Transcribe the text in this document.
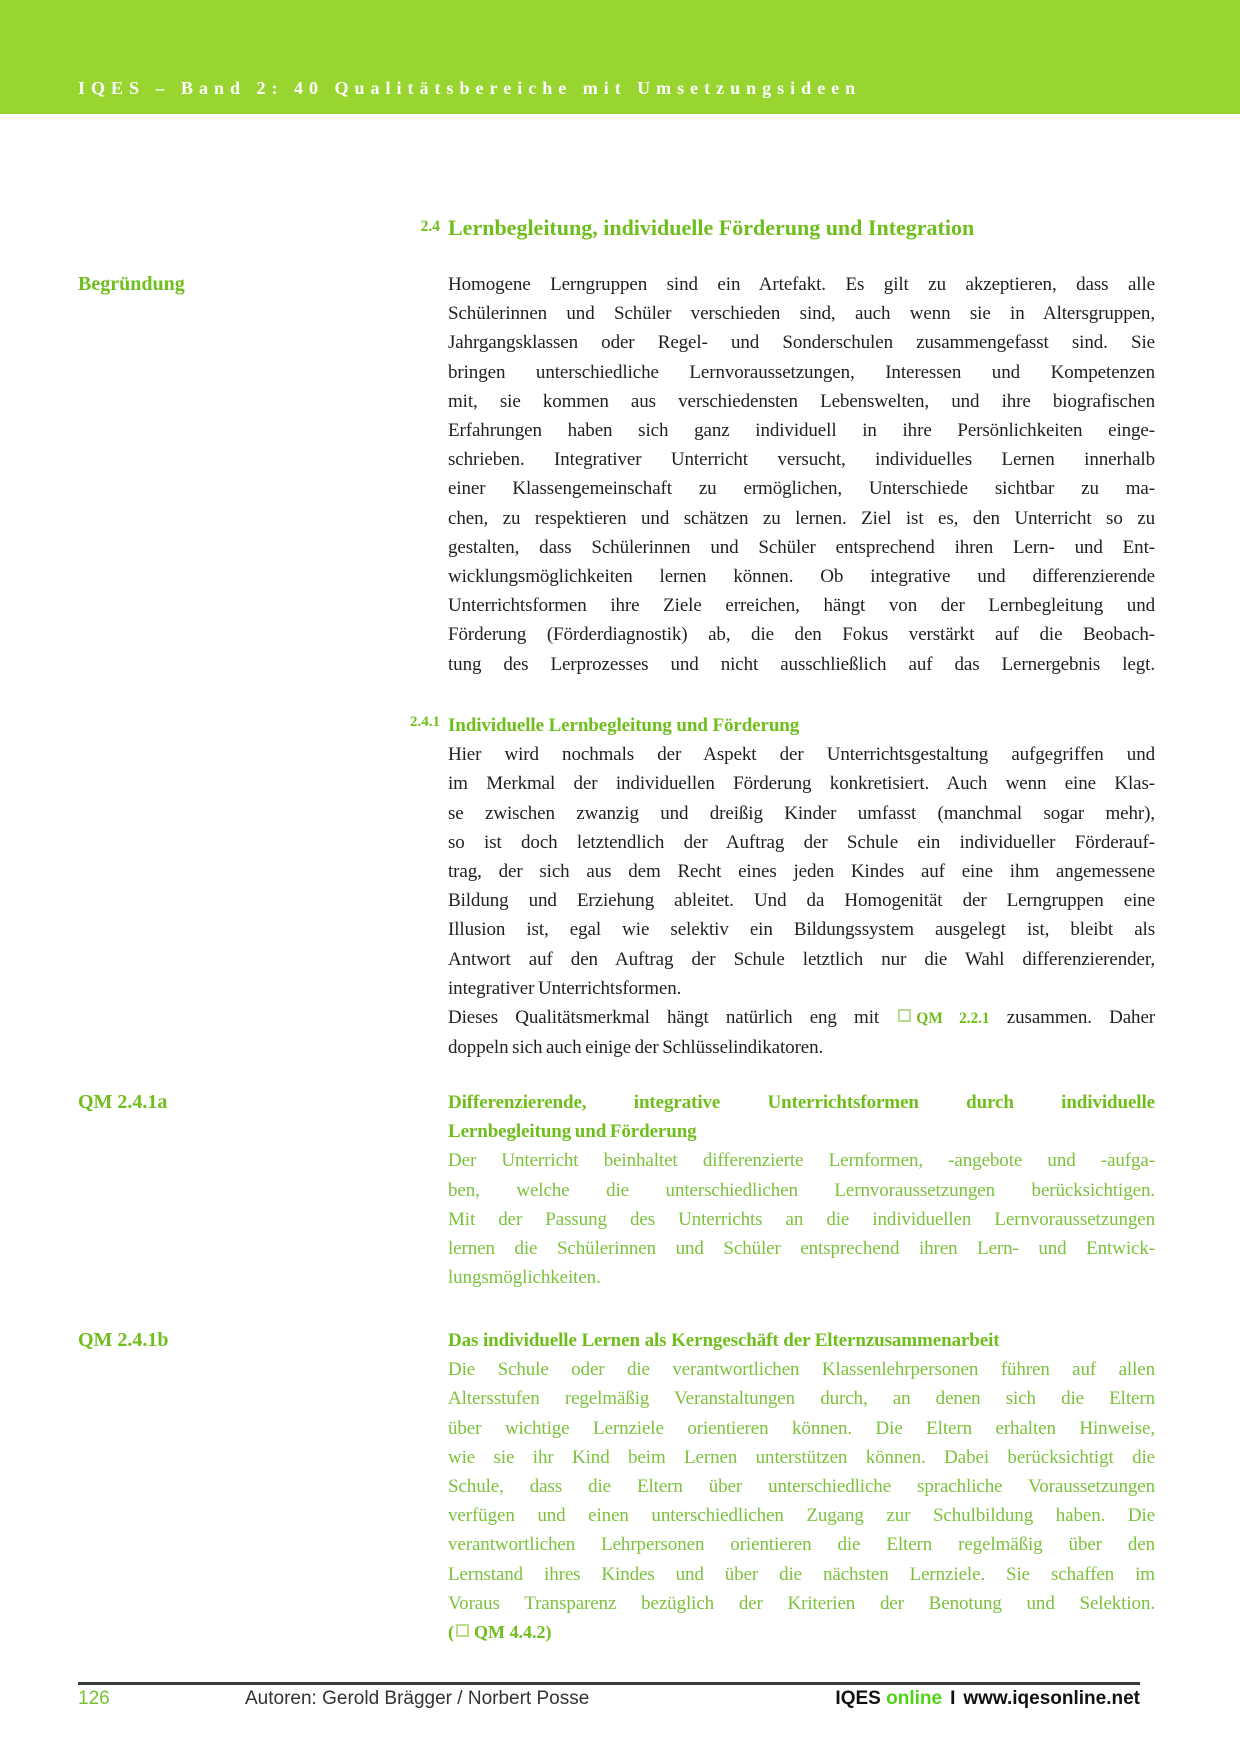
IQES – Band 2: 40 Qualitätsbereiche mit Umsetzungsideen
2.4 Lernbegleitung, individuelle Förderung und Integration
Begründung	Homogene Lerngruppen sind ein Artefakt. Es gilt zu akzeptieren, dass alle
Schülerinnen und Schüler verschieden sind, auch wenn sie in Altersgruppen,
Jahrgangsklassen oder Regel- und Sonderschulen zusammengefasst sind. Sie
bringen unterschiedliche Lernvoraussetzungen, Interessen und Kompetenzen
mit, sie kommen aus verschiedensten Lebenswelten, und ihre biografischen
Erfahrungen haben sich ganz individuell in ihre Persönlichkeiten einge-
schrieben. Integrativer Unterricht versucht, individuelles Lernen innerhalb
einer Klassengemeinschaft zu ermöglichen, Unterschiede sichtbar zu ma-
chen, zu respektieren und schätzen zu lernen. Ziel ist es, den Unterricht so zu
gestalten, dass Schülerinnen und Schüler entsprechend ihren Lern- und Ent-
wicklungsmöglichkeiten lernen können. Ob integrative und differenzierende
Unterrichtsformen ihre Ziele erreichen, hängt von der Lernbegleitung und
Förderung (Förderdiagnostik) ab, die den Fokus verstärkt auf die Beobach-
tung des Lerprozesses und nicht ausschließlich auf das Lernergebnis legt.
2.4.1 Individuelle Lernbegleitung und Förderung
Hier wird nochmals der Aspekt der Unterrichtsgestaltung aufgegriffen und
im Merkmal der individuellen Förderung konkretisiert. Auch wenn eine Klas-
se zwischen zwanzig und dreißig Kinder umfasst (manchmal sogar mehr),
so ist doch letztendlich der Auftrag der Schule ein individueller Förderauf-
trag, der sich aus dem Recht eines jeden Kindes auf eine ihm angemessene
Bildung und Erziehung ableitet. Und da Homogenität der Lerngruppen eine
Illusion ist, egal wie selektiv ein Bildungssystem ausgelegt ist, bleibt als
Antwort auf den Auftrag der Schule letztlich nur die Wahl differenzierender,
integrativer Unterrichtsformen.
Dieses Qualitätsmerkmal hängt natürlich eng mit QM 2.2.1 zusammen. Daher
doppeln sich auch einige der Schlüsselindikatoren.
QM 2.4.1a	Differenzierende, integrative Unterrichtsformen durch individuelle
Lernbegleitung und Förderung
Der Unterricht beinhaltet differenzierte Lernformen, -angebote und -aufga-
ben, welche die unterschiedlichen Lernvoraussetzungen berücksichtigen.
Mit der Passung des Unterrichts an die individuellen Lernvoraussetzungen
lernen die Schülerinnen und Schüler entsprechend ihren Lern- und Entwick-
lungsmöglichkeiten.
QM 2.4.1b	Das individuelle Lernen als Kerngeschäft der Elternzusammenarbeit
Die Schule oder die verantwortlichen Klassenlehrpersonen führen auf allen
Altersstufen regelmäßig Veranstaltungen durch, an denen sich die Eltern
über wichtige Lernziele orientieren können. Die Eltern erhalten Hinweise,
wie sie ihr Kind beim Lernen unterstützen können. Dabei berücksichtigt die
Schule, dass die Eltern über unterschiedliche sprachliche Voraussetzungen
verfügen und einen unterschiedlichen Zugang zur Schulbildung haben. Die
verantwortlichen Lehrpersonen orientieren die Eltern regelmäßig über den
Lernstand ihres Kindes und über die nächsten Lernziele. Sie schaffen im
Voraus Transparenz bezüglich der Kriterien der Benotung und Selektion.
( QM 4.4.2)
126	Autoren: Gerold Brägger / Norbert Posse	IQES online I www.iqesonline.net
